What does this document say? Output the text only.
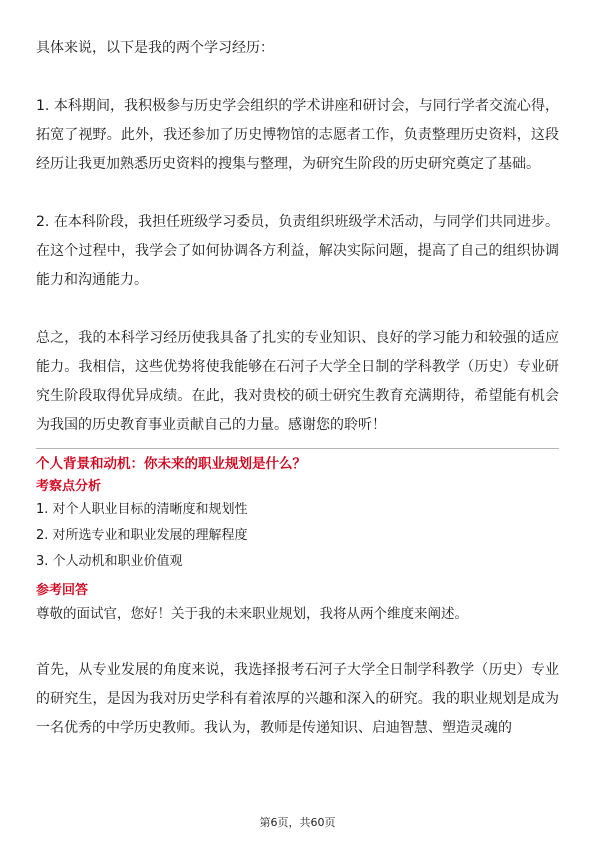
具体来说，以下是我的两个学习经历：

1. 本科期间，我积极参与历史学会组织的学术讲座和研讨会，与同行学者交流心得，拓宽了视野。此外，我还参加了历史博物馆的志愿者工作，负责整理历史资料，这段经历让我更加熟悉历史资料的搜集与整理，为研究生阶段的历史研究奠定了基础。

2. 在本科阶段，我担任班级学习委员，负责组织班级学术活动，与同学们共同进步。在这个过程中，我学会了如何协调各方利益，解决实际问题，提高了自己的组织协调能力和沟通能力。

总之，我的本科学习经历使我具备了扎实的专业知识、良好的学习能力和较强的适应能力。我相信，这些优势将使我能够在石河子大学全日制的学科教学（历史）专业研究生阶段取得优异成绩。在此，我对贵校的硕士研究生教育充满期待，希望能有机会为我国的历史教育事业贡献自己的力量。感谢您的聆听！

个人背景和动机：你未来的职业规划是什么？
考察点分析
1. 对个人职业目标的清晰度和规划性
2. 对所选专业和职业发展的理解程度
3. 个人动机和职业价值观
参考回答

尊敬的面试官，您好！关于我的未来职业规划，我将从两个维度来阐述。

首先，从专业发展的角度来说，我选择报考石河子大学全日制学科教学（历史）专业的研究生，是因为我对历史学科有着浓厚的兴趣和深入的研究。我的职业规划是成为一名优秀的中学历史教师。我认为，教师是传递知识、启迪智慧、塑造灵魂的

第6页，共60页
